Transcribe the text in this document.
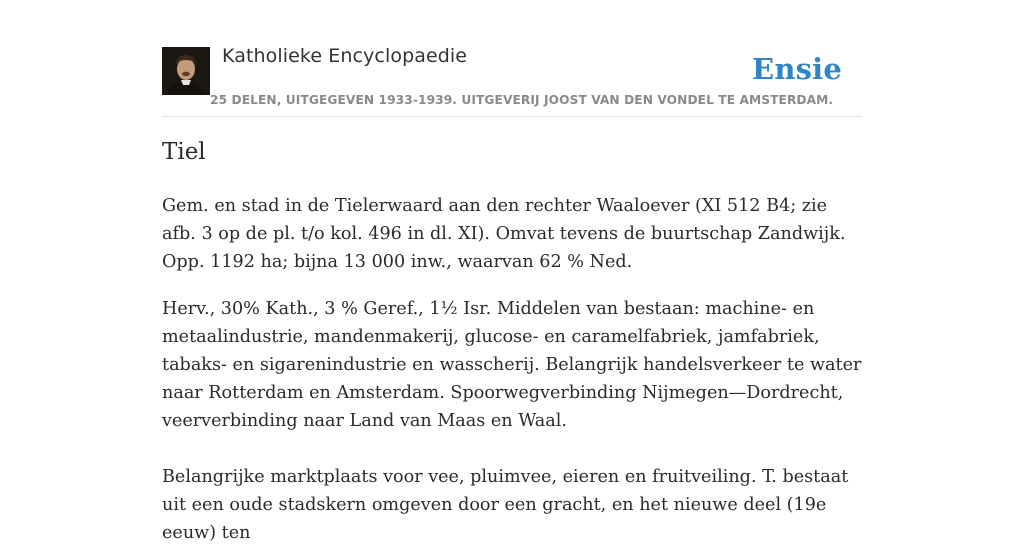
Katholieke Encyclopaedie
25 DELEN, UITGEGEVEN 1933-1939. UITGEVERIJ JOOST VAN DEN VONDEL TE AMSTERDAM.
Ensie
Tiel

Gem. en stad in de Tielerwaard aan den rechter Waaloever (XI 512 B4; zie afb. 3 op de pl. t/o kol. 496 in dl. XI). Omvat tevens de buurtschap Zandwijk. Opp. 1192 ha; bijna 13 000 inw., waarvan 62 % Ned.

Herv., 30% Kath., 3 % Geref., 1½ Isr. Middelen van bestaan: machine- en metaalindustrie, mandenmakerij, glucose- en caramelfabriek, jamfabriek, tabaks- en sigarenindustrie en wasscherij. Belangrijk handelsverkeer te water naar Rotterdam en Amsterdam. Spoorwegverbinding Nijmegen—Dordrecht, veerverbinding naar Land van Maas en Waal.

Belangrijke marktplaats voor vee, pluimvee, eieren en fruitveiling. T. bestaat uit een oude stadskern omgeven door een gracht, en het nieuwe deel (19e eeuw) ten
